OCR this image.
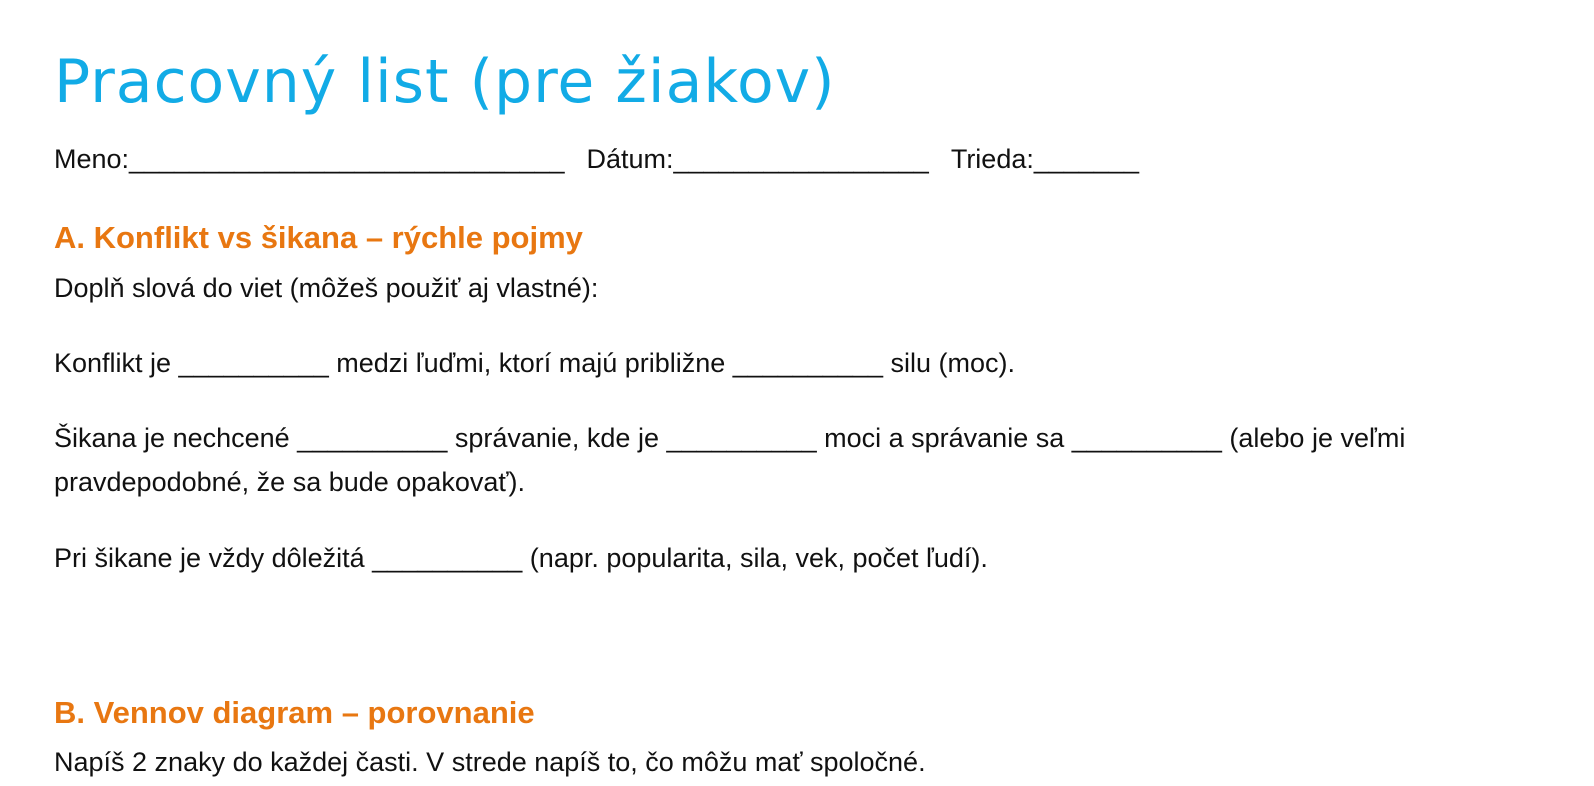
Pracovný list (pre žiakov)
Meno:_____________________________ Dátum:_________________ Trieda:_______
A. Konflikt vs šikana – rýchle pojmy

Doplň slová do viet (môžeš použiť aj vlastné):

Konflikt je __________ medzi ľuďmi, ktorí majú približne __________ silu (moc).

Šikana je nechcené __________ správanie, kde je __________ moci a správanie sa __________ (alebo je veľmi pravdepodobné, že sa bude opakovať).

Pri šikane je vždy dôležitá __________ (napr. popularita, sila, vek, počet ľudí).

B. Vennov diagram – porovnanie

Napíš 2 znaky do každej časti. V strede napíš to, čo môžu mať spoločné.
